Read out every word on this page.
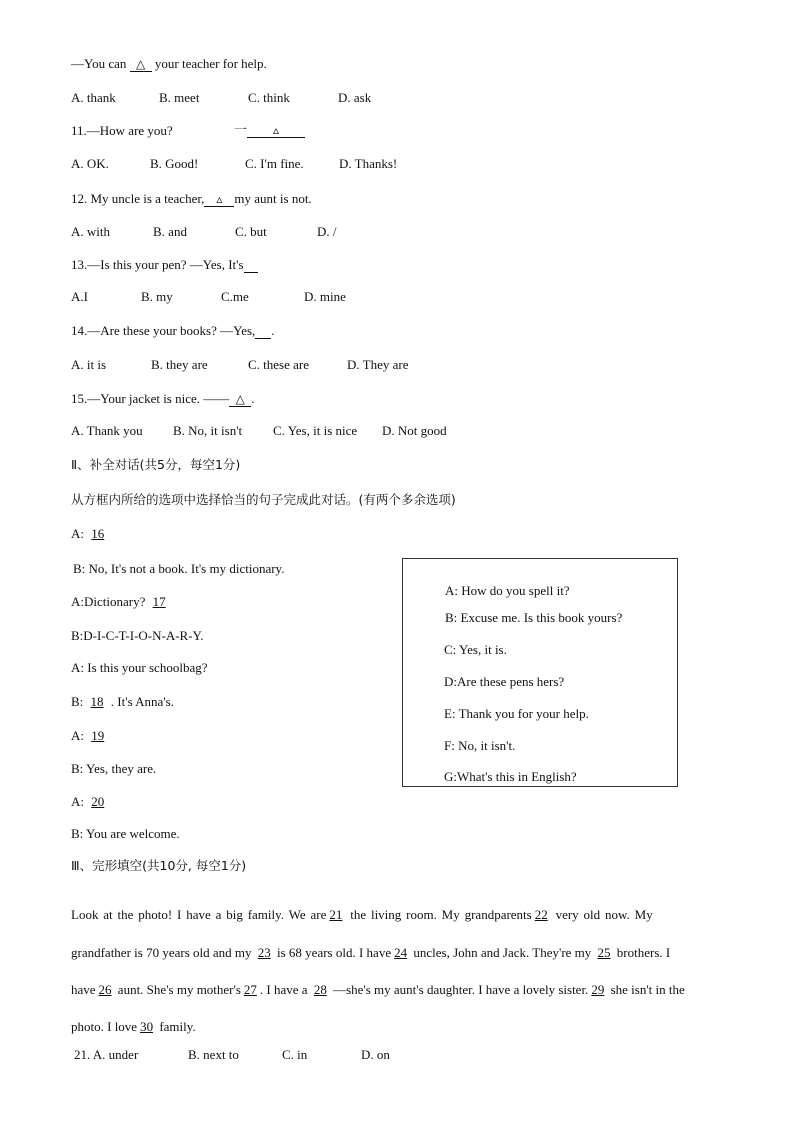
—You can △ your teacher for help.
A. thank	B. meet	C. think	D. ask
11.—How are you?	一 ▵
A. OK.	B. Good!	C. I'm fine.	D. Thanks!
12. My uncle is a teacher, ▵ my aunt is not.
A. with	B. and	C. but	D. /
13.—Is this your pen? —Yes, It's
A.I	B. my	C.me	D. mine
14.—Are these your books? —Yes, .
A. it is	B. they are	C. these are	D. They are
15.—Your jacket is nice. —— △ .
A. Thank you B. No, it isn't C. Yes, it is nice D. Not good
Ⅱ、补全对话(共5分，每空1分)
从方框内所给的选项中选择恰当的句子完成此对话。(有两个多余选项)
A: 16
B: No, It's not a book. It's my dictionary.
A:Dictionary? 17
B:D-I-C-T-I-O-N-A-R-Y.
A: Is this your schoolbag?
B: 18 . It's Anna's.
A: 19
B: Yes, they are.
A: 20
B: You are welcome.
A: How do you spell it?
B: Excuse me. Is this book yours?
C: Yes, it is.
D:Are these pens hers?
E: Thank you for your help.
F: No, it isn't.
G:What's this in English?
Ⅲ、完形填空(共10分, 每空1分)
Look at the photo! I have a big family. We are 21 the living room. My grandparents 22 very old now. My
grandfather is 70 years old and my 23 is 68 years old. I have 24 uncles, John and Jack. They're my 25 brothers. I
have 26 aunt. She's my mother's 27 . I have a 28 —she's my aunt's daughter. I have a lovely sister. 29 she isn't in the
photo. I love 30 family.
21. A. under	B. next to	C. in	D. on
